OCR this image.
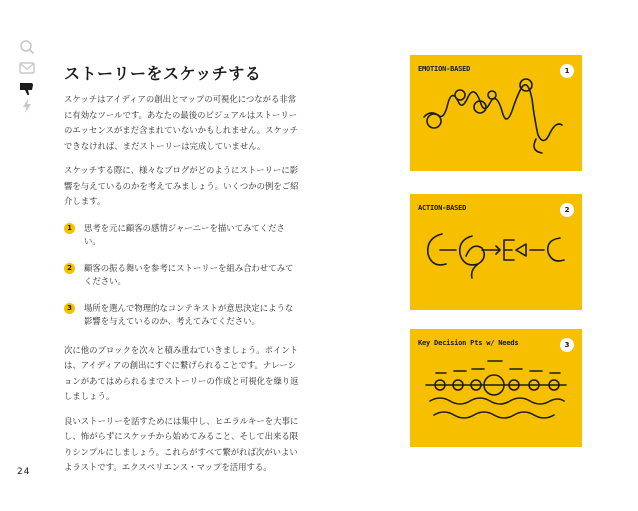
24
ストーリーをスケッチする

スケッチはアイディアの創出とマップの可視化につながる非常に有効なツールです。あなたの最後のビジュアルはストーリーのエッセンスがまだ含まれていないかもしれません。スケッチできなければ、まだストーリーは完成していません。

スケッチする際に、様々なブログがどのようにストーリーに影響を与えているのかを考えてみましょう。いくつかの例をご紹介します。

1	思考を元に顧客の感情ジャーニーを描いてみてください。
2	顧客の振る舞いを参考にストーリーを組み合わせてみてください。
3	場所を選んで物理的なコンテキストが意思決定にような影響を与えているのか、考えてみてください。

次に他のブロックを次々と積み重ねていきましょう。ポイントは、アイディアの創出にすぐに繋げられることです。ナレーションがあてはめられるまでストーリーの作成と可視化を繰り返しましょう。

良いストーリーを話すためには集中し、ヒエラルキーを大事にし、怖がらずにスケッチから始めてみること、そして出来る限りシンプルにしましょう。これらがすべて繋がれば次がいよいよラストです。エクスペリエンス・マップを活用する。

EMOTION-BASED	1
ACTION-BASED	2
Key Decision Pts w/ Needs	3
